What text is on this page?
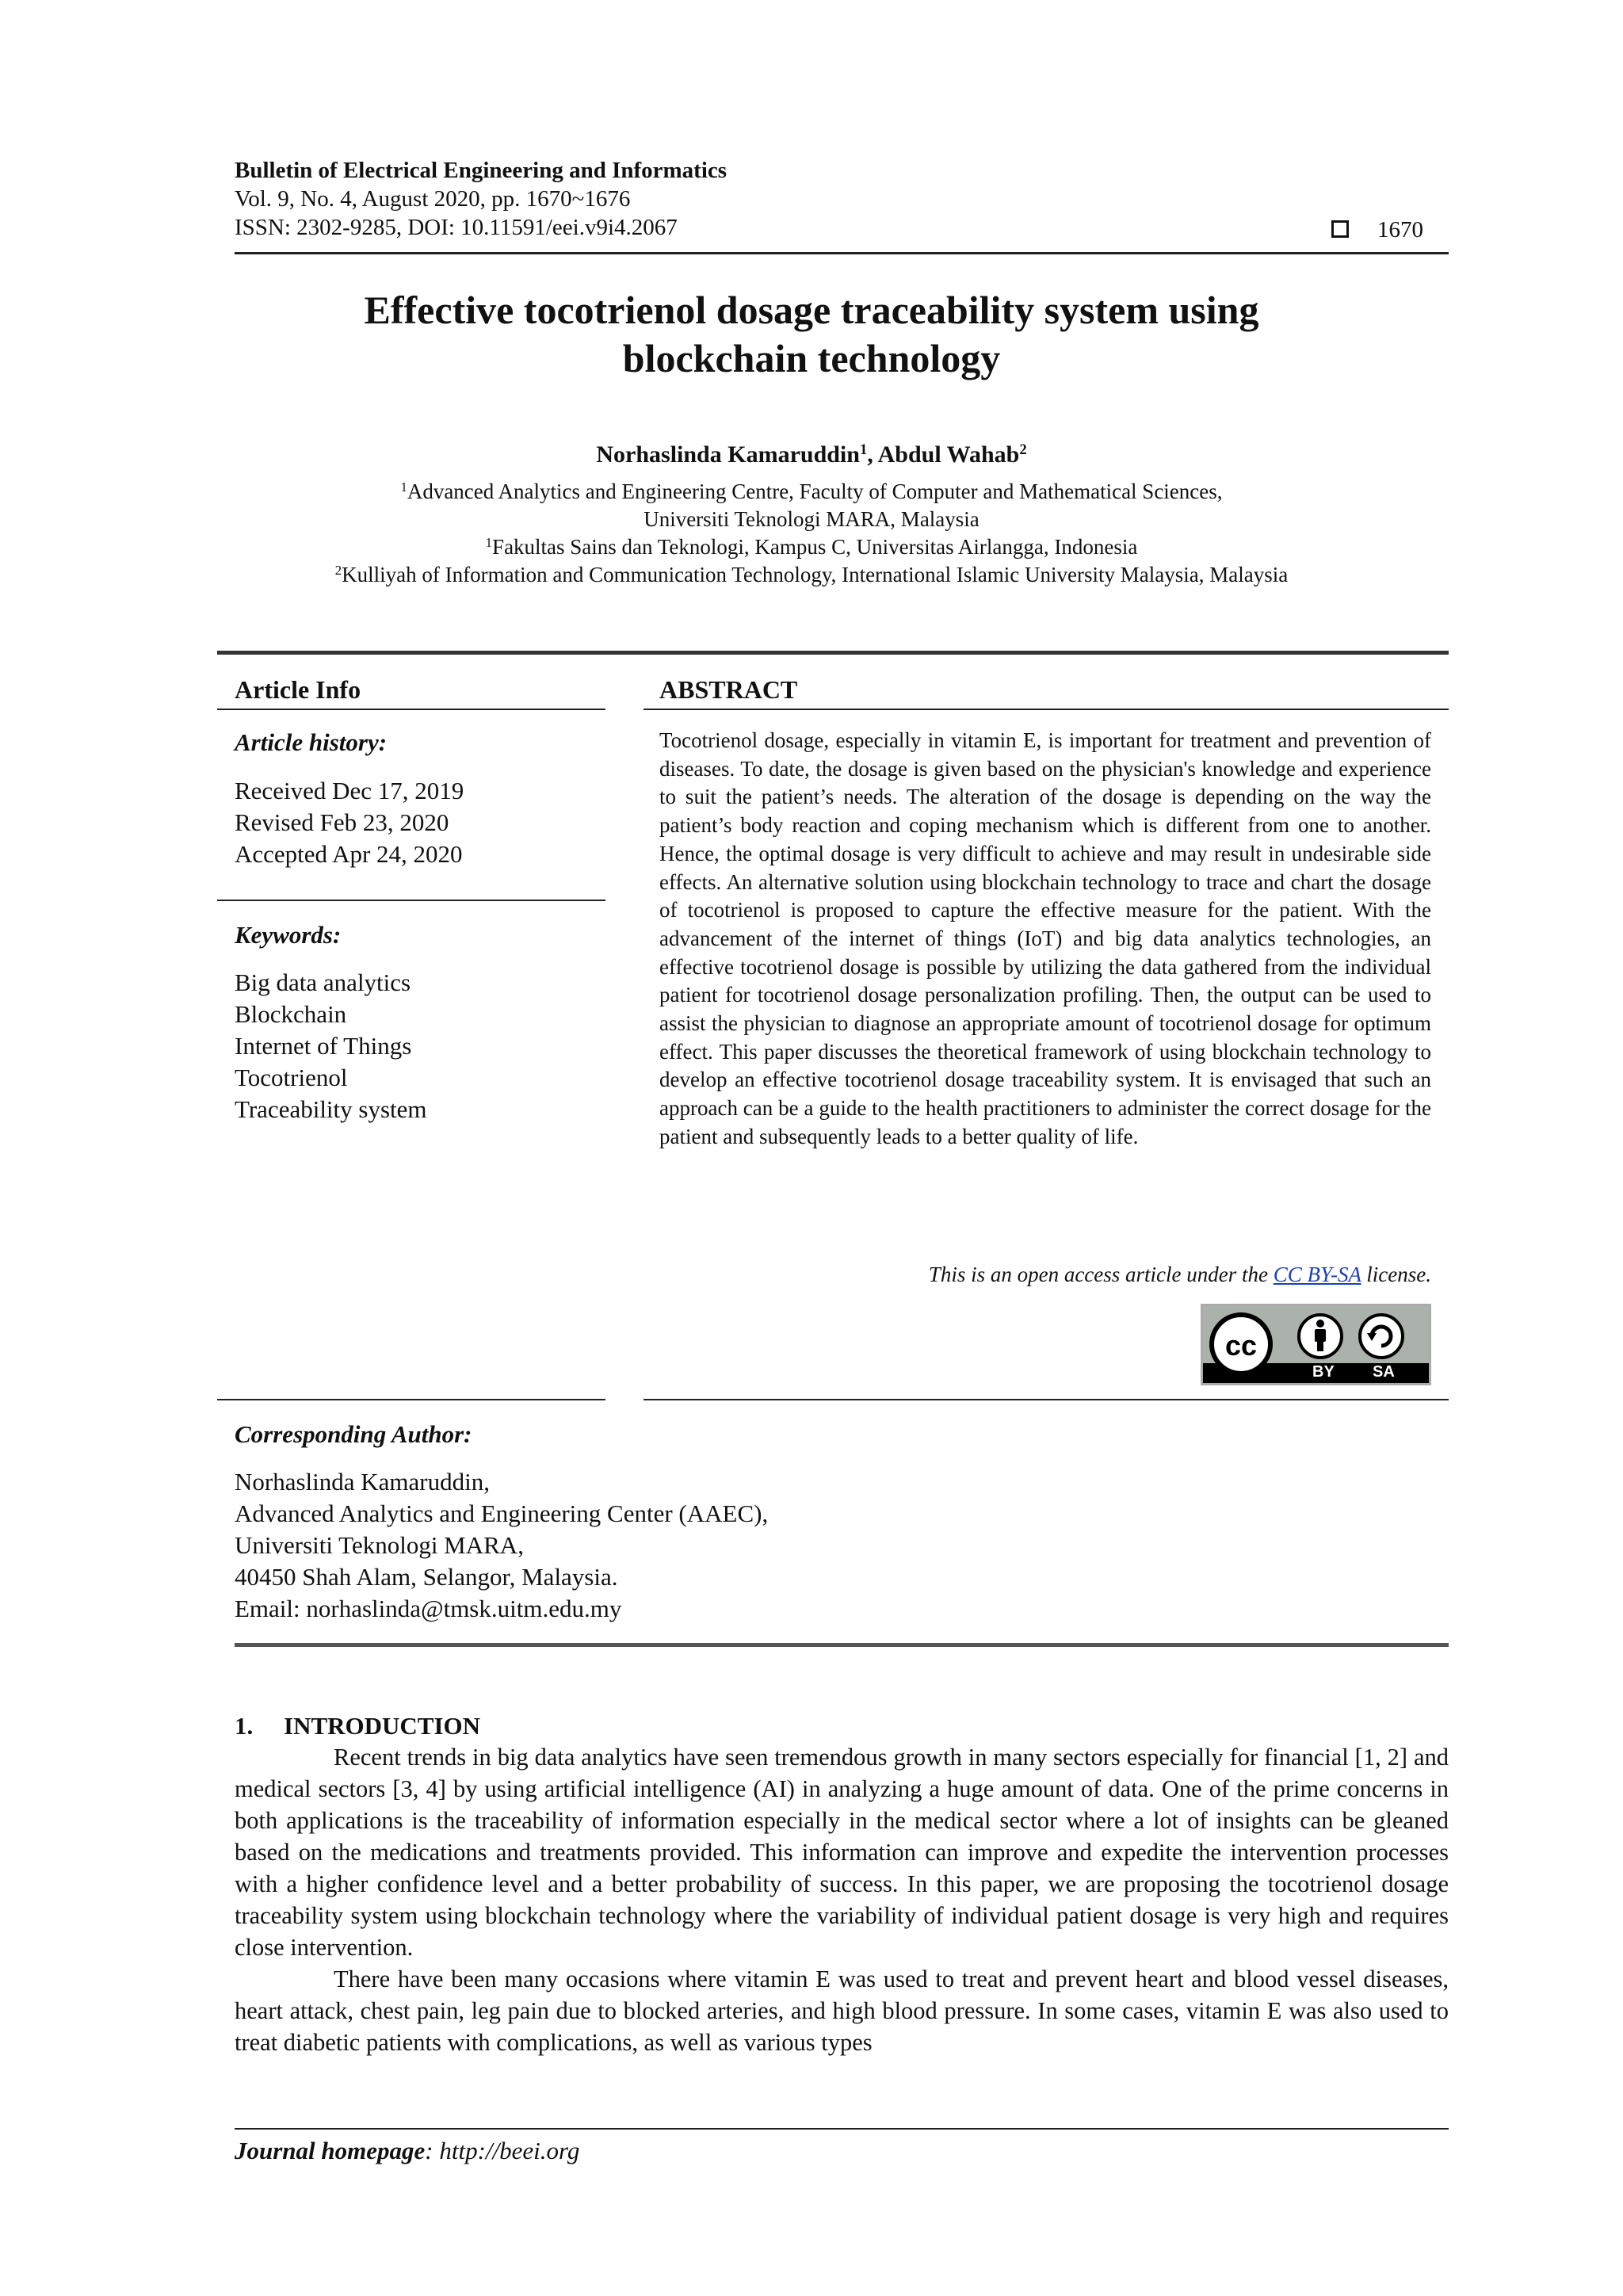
Bulletin of Electrical Engineering and Informatics
Vol. 9, No. 4, August 2020, pp. 1670~1676
ISSN: 2302-9285, DOI: 10.11591/eei.v9i4.2067	1670
Effective tocotrienol dosage traceability system using
blockchain technology
Norhaslinda Kamaruddin$^1$, Abdul Wahab$^2$
$^1$Advanced Analytics and Engineering Centre, Faculty of Computer and Mathematical Sciences,
Universiti Teknologi MARA, Malaysia
$^1$Fakultas Sains dan Teknologi, Kampus C, Universitas Airlangga, Indonesia
$^2$Kulliyah of Information and Communication Technology, International Islamic University Malaysia, Malaysia
Article Info
Article history:
Received Dec 17, 2019
Revised Feb 23, 2020
Accepted Apr 24, 2020
Keywords:
Big data analytics
Blockchain
Internet of Things
Tocotrienol
Traceability system
ABSTRACT
Tocotrienol dosage, especially in vitamin E, is important for treatment and prevention of diseases. To date, the dosage is given based on the physician's knowledge and experience to suit the patient’s needs. The alteration of the dosage is depending on the way the patient’s body reaction and coping mechanism which is different from one to another. Hence, the optimal dosage is very difficult to achieve and may result in undesirable side effects. An alternative solution using blockchain technology to trace and chart the dosage of tocotrienol is proposed to capture the effective measure for the patient. With the advancement of the internet of things (IoT) and big data analytics technologies, an effective tocotrienol dosage is possible by utilizing the data gathered from the individual patient for tocotrienol dosage personalization profiling. Then, the output can be used to assist the physician to diagnose an appropriate amount of tocotrienol dosage for optimum effect. This paper discusses the theoretical framework of using blockchain technology to develop an effective tocotrienol dosage traceability system. It is envisaged that such an approach can be a guide to the health practitioners to administer the correct dosage for the patient and subsequently leads to a better quality of life.
This is an open access article under the CC BY-SA license.
cc
BY SA
Corresponding Author:
Norhaslinda Kamaruddin,
Advanced Analytics and Engineering Center (AAEC),
Universiti Teknologi MARA,
40450 Shah Alam, Selangor, Malaysia.
Email: norhaslinda@tmsk.uitm.edu.my
1.     INTRODUCTION

Recent trends in big data analytics have seen tremendous growth in many sectors especially for financial [1, 2] and medical sectors [3, 4] by using artificial intelligence (AI) in analyzing a huge amount of data. One of the prime concerns in both applications is the traceability of information especially in the medical sector where a lot of insights can be gleaned based on the medications and treatments provided. This information can improve and expedite the intervention processes with a higher confidence level and a better probability of success. In this paper, we are proposing the tocotrienol dosage traceability system using blockchain technology where the variability of individual patient dosage is very high and requires close intervention.

There have been many occasions where vitamin E was used to treat and prevent heart and blood vessel diseases, heart attack, chest pain, leg pain due to blocked arteries, and high blood pressure. In some cases, vitamin E was also used to treat diabetic patients with complications, as well as various types

Journal homepage: http://beei.org
